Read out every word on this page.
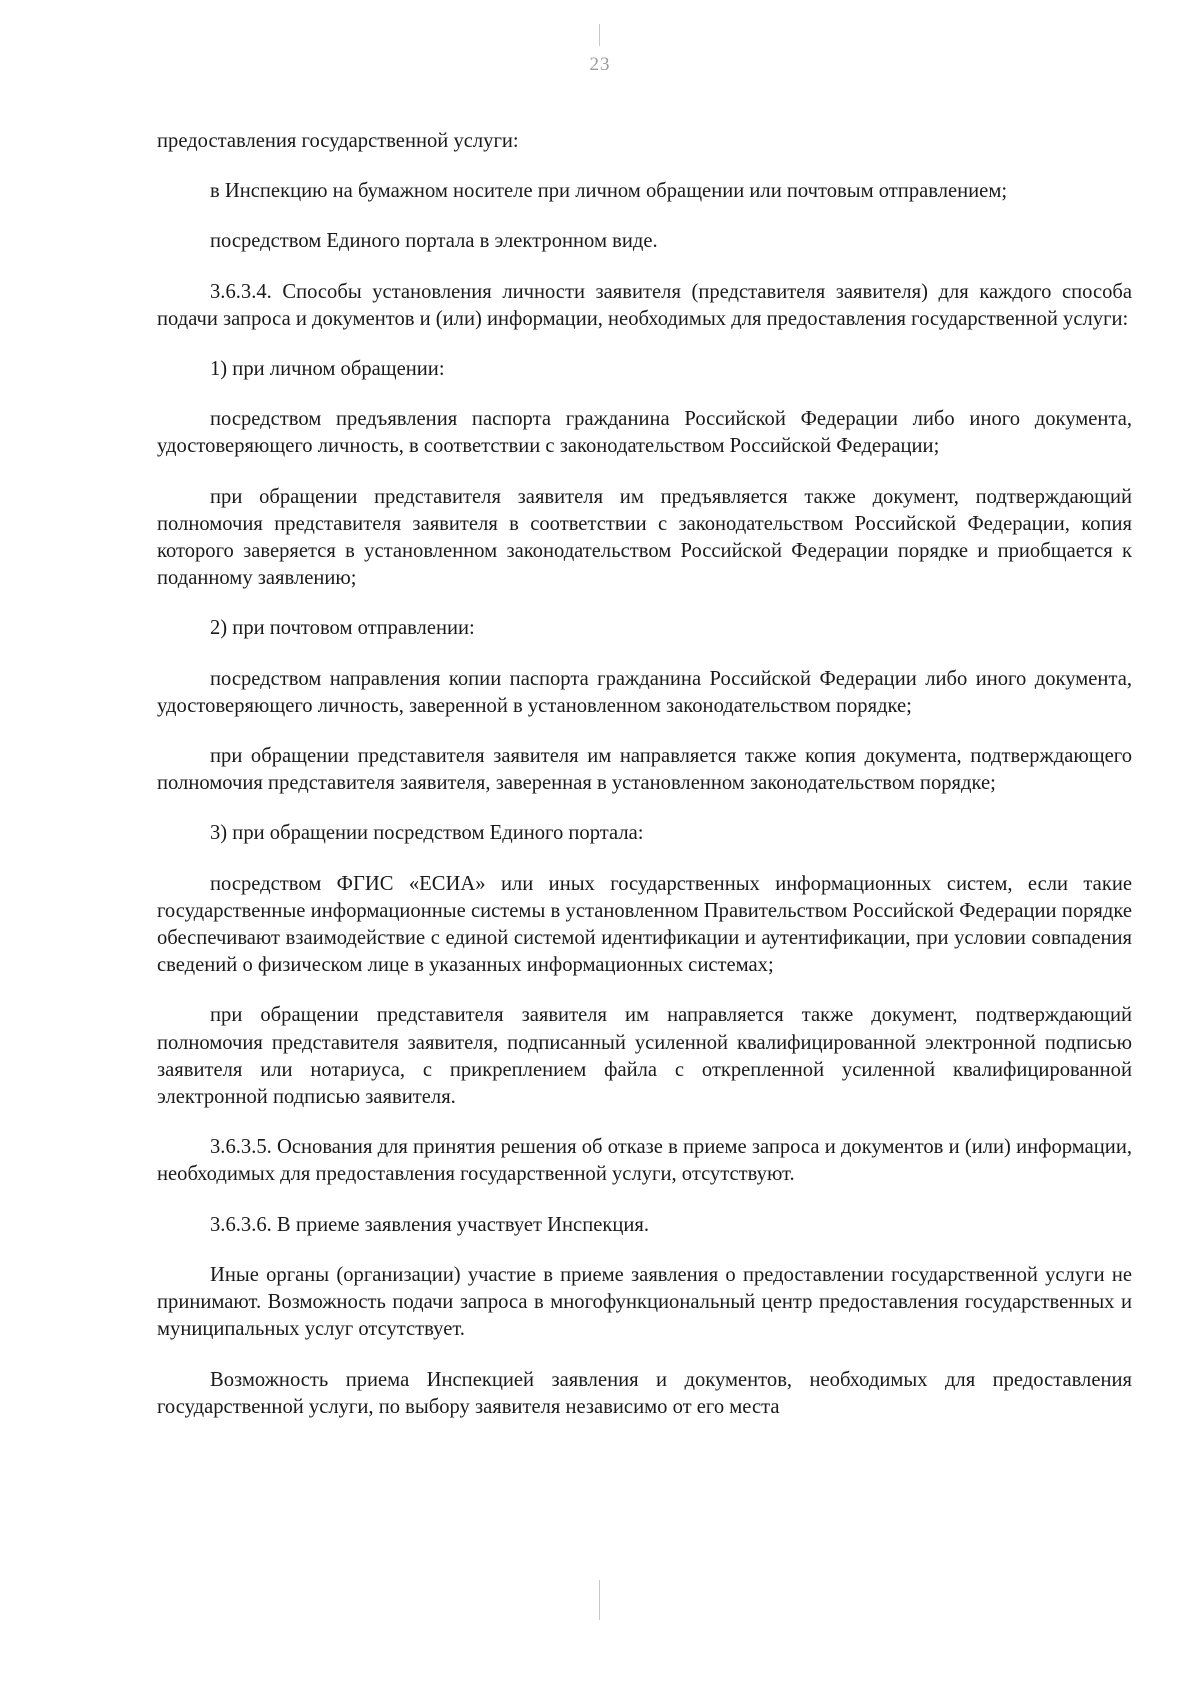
23

предоставления государственной услуги:

в Инспекцию на бумажном носителе при личном обращении или почтовым отправлением;

посредством Единого портала в электронном виде.

3.6.3.4. Способы установления личности заявителя (представителя заявителя) для каждого способа подачи запроса и документов и (или) информации, необходимых для предоставления государственной услуги:

1) при личном обращении:

посредством предъявления паспорта гражданина Российской Федерации либо иного документа, удостоверяющего личность, в соответствии с законодательством Российской Федерации;

при обращении представителя заявителя им предъявляется также документ, подтверждающий полномочия представителя заявителя в соответствии с законодательством Российской Федерации, копия которого заверяется в установленном законодательством Российской Федерации порядке и приобщается к поданному заявлению;

2) при почтовом отправлении:

посредством направления копии паспорта гражданина Российской Федерации либо иного документа, удостоверяющего личность, заверенной в установленном законодательством порядке;

при обращении представителя заявителя им направляется также копия документа, подтверждающего полномочия представителя заявителя, заверенная в установленном законодательством порядке;

3) при обращении посредством Единого портала:

посредством ФГИС «ЕСИА» или иных государственных информационных систем, если такие государственные информационные системы в установленном Правительством Российской Федерации порядке обеспечивают взаимодействие с единой системой идентификации и аутентификации, при условии совпадения сведений о физическом лице в указанных информационных системах;

при обращении представителя заявителя им направляется также документ, подтверждающий полномочия представителя заявителя, подписанный усиленной квалифицированной электронной подписью заявителя или нотариуса, с прикреплением файла с открепленной усиленной квалифицированной электронной подписью заявителя.

3.6.3.5. Основания для принятия решения об отказе в приеме запроса и документов и (или) информации, необходимых для предоставления государственной услуги, отсутствуют.

3.6.3.6. В приеме заявления участвует Инспекция.

Иные органы (организации) участие в приеме заявления о предоставлении государственной услуги не принимают. Возможность подачи запроса в многофункциональный центр предоставления государственных и муниципальных услуг отсутствует.

Возможность приема Инспекцией заявления и документов, необходимых для предоставления государственной услуги, по выбору заявителя независимо от его места
